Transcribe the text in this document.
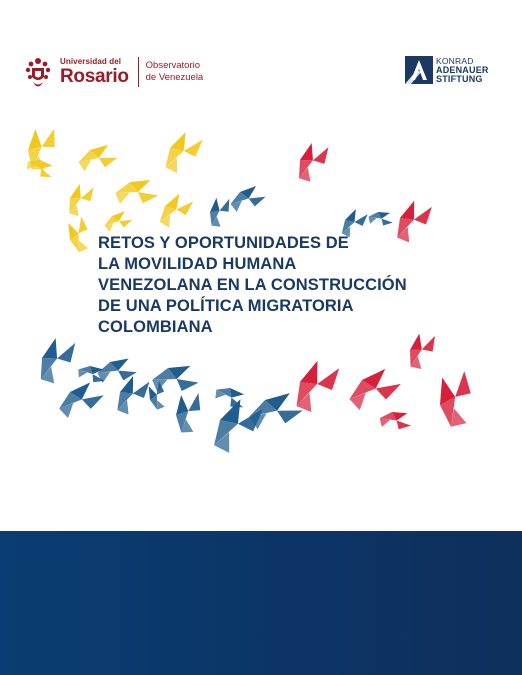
Universidad del
Rosario
Observatorio
de Venezuela
KONRAD
ADENAUER
STIFTUNG
RETOS Y OPORTUNIDADES DE
LA MOVILIDAD HUMANA
VENEZOLANA EN LA CONSTRUCCIÓN
DE UNA POLÍTICA MIGRATORIA
COLOMBIANA
